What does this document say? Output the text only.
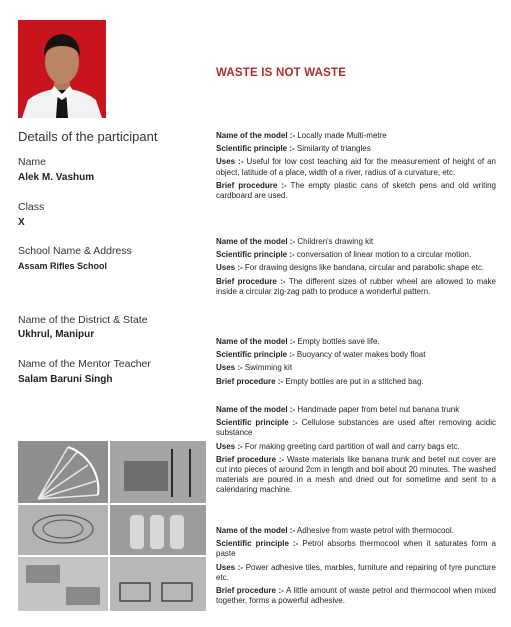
WASTE IS NOT WASTE
Details of the participant
Name
Alek M. Vashum
Class
X
School Name & Address
Assam Rifles School
Name of the District & State
Ukhrul, Manipur
Name of the Mentor Teacher
Salam Baruni Singh

Name of the model :- Locally made Multi-metre

Scientific principle :- Similarity of triangles

Uses :- Useful for low cost teaching aid for the measurement of height of an object, latitude of a place, width of a river, radius of a curvature, etc.

Brief procedure :- The empty plastic cans of sketch pens and old writing cardboard are used.

Name of the model :- Children's drawing kit

Scientific principle :- conversation of linear motion to a circular motion.

Uses :- For drawing designs like bandana, circular and parabolic shape etc.

Brief procedure :- The different sizes of rubber wheel are allowed to make inside a circular zig-zag path to produce a wonderful pattern.

Name of the model :- Empty bottles save life.

Scientific principle :- Buoyancy of water makes body float

Uses :- Swimming kit

Brief procedure :- Empty bottles are put in a stitched bag.

Name of the model :- Handmade paper from betel nut banana trunk

Scientific principle :- Cellulose substances are used after removing acidic substance

Uses :- For making greeting card partition of wall and carry bags etc.

Brief procedure :- Waste materials like banana trunk and betel nut cover are cut into pieces of around 2cm in length and boil about 20 minutes. The washed materials are poured in a mesh and dried out for sometime and sent to a calendaring machine.

Name of the model :- Adhesive from waste petrol with thermocool.

Scientific principle :- Petrol absorbs thermocool when it saturates form a paste

Uses :- Power adhesive tiles, marbles, furniture and repairing of tyre puncture etc.

Brief procedure :- A little amount of waste petrol and thermocool when mixed together, forms a powerful adhesive.
